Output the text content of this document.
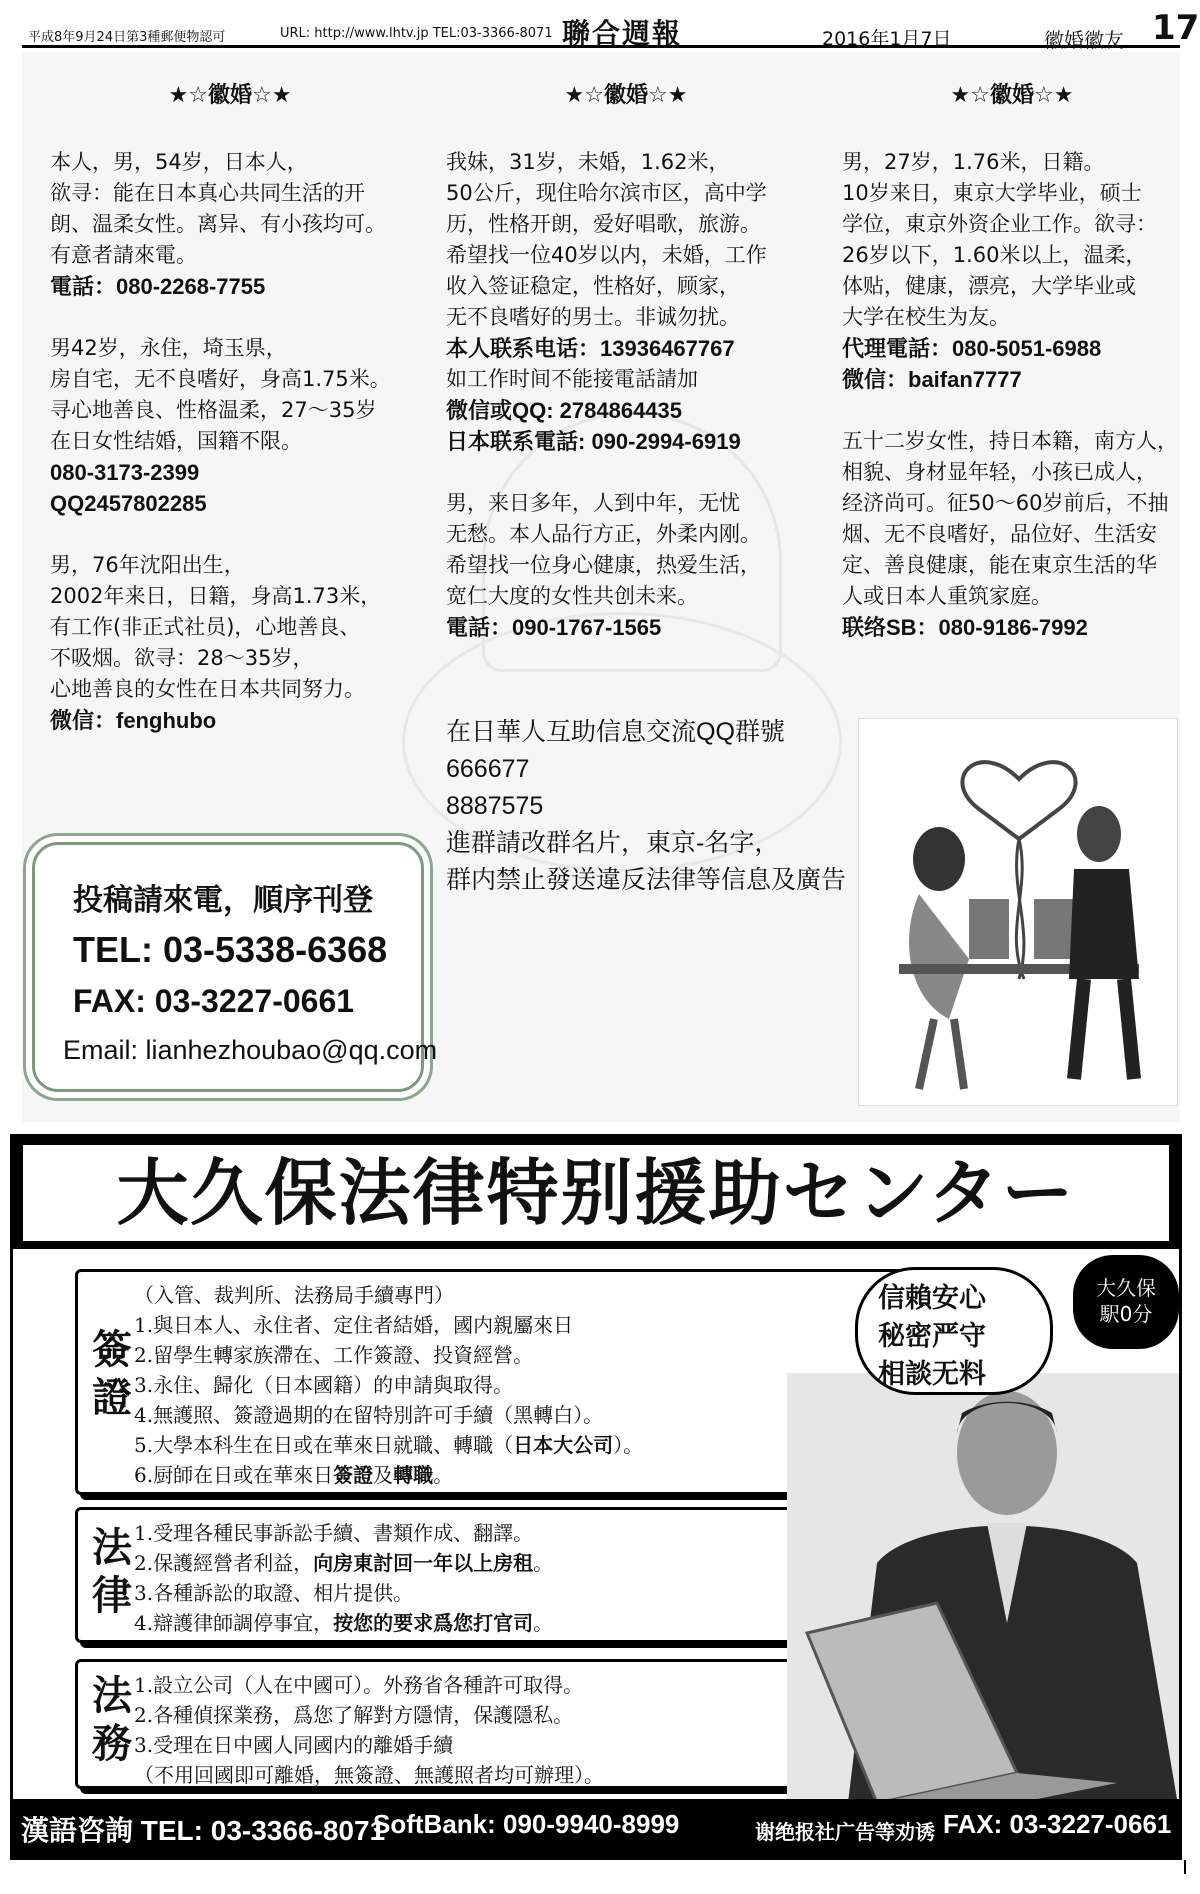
平成8年9月24日第3種郵便物認可	URL: http://www.lhtv.jp TEL:03-3366-8071 聯合週報	2016年1月7日	徽婚徽友 17
★☆徽婚☆★

本人，男，54岁，日本人，

欲寻：能在日本真心共同生活的开

朗、温柔女性。离异、有小孩均可。

有意者請來電。

電話：080-2268-7755

男42岁，永住，埼玉県，

房自宅，无不良嗜好，身高1.75米。

寻心地善良、性格温柔，27～35岁

在日女性结婚，国籍不限。

080-3173-2399

QQ2457802285

男，76年沈阳出生，

2002年来日，日籍，身高1.73米，

有工作(非正式社员)，心地善良、

不吸烟。欲寻：28～35岁，

心地善良的女性在日本共同努力。

微信：fenghubo

★☆徽婚☆★

我妹，31岁，未婚，1.62米，

50公斤，现住哈尔滨市区，高中学

历，性格开朗，爱好唱歌，旅游。

希望找一位40岁以内，未婚，工作

收入签证稳定，性格好，顾家，

无不良嗜好的男士。非诚勿扰。

本人联系电话：13936467767

如工作时间不能接電話請加

微信或QQ: 2784864435

日本联系電話: 090-2994-6919

男，来日多年，人到中年，无忧

无愁。本人品行方正，外柔内刚。

希望找一位身心健康，热爱生活，

宽仁大度的女性共创未来。

電話：090-1767-1565

★☆徽婚☆★

男，27岁，1.76米，日籍。

10岁来日，東京大学毕业，硕士

学位，東京外资企业工作。欲寻：

26岁以下，1.60米以上，温柔，

体贴，健康，漂亮，大学毕业或

大学在校生为友。

代理電話：080-5051-6988

微信：baifan7777

五十二岁女性，持日本籍，南方人，

相貌、身材显年轻，小孩已成人，

经济尚可。征50～60岁前后，不抽

烟、无不良嗜好，品位好、生活安

定、善良健康，能在東京生活的华

人或日本人重筑家庭。

联络SB：080-9186-7992

在日華人互助信息交流QQ群號

666677

8887575

進群請改群名片，東京-名字，

群内禁止發送違反法律等信息及廣告

投稿請來電，順序刊登
TEL: 03-5338-6368
FAX: 03-3227-0661
Email: lianhezhoubao@qq.com
大久保法律特别援助センター
簽證

（入管、裁判所、法務局手續專門）

1.與日本人、永住者、定住者結婚，國内親屬來日

2.留學生轉家族滯在、工作簽證、投資經營。

3.永住、歸化（日本國籍）的申請與取得。

4.無護照、簽證過期的在留特別許可手續（黑轉白）。

5.大學本科生在日或在華來日就職、轉職（日本大公司）。

6.厨師在日或在華來日簽證及轉職。

法律

1.受理各種民事訴訟手續、書類作成、翻譯。

2.保護經營者利益，向房東討回一年以上房租。

3.各種訴訟的取證、相片提供。

4.辯護律師調停事宜，按您的要求爲您打官司。

法務

1.設立公司（人在中國可）。外務省各種許可取得。

2.各種偵探業務，爲您了解對方隱情，保護隱私。

3.受理在日中國人同國内的離婚手續

（不用回國即可離婚，無簽證、無護照者均可辦理）。

信賴安心
秘密严守
相談无料

大久保

駅0分

漢語咨詢 TEL: 03-3366-8071
SoftBank: 090-9940-8999	谢绝报社广告等劝诱 FAX: 03-3227-0661
